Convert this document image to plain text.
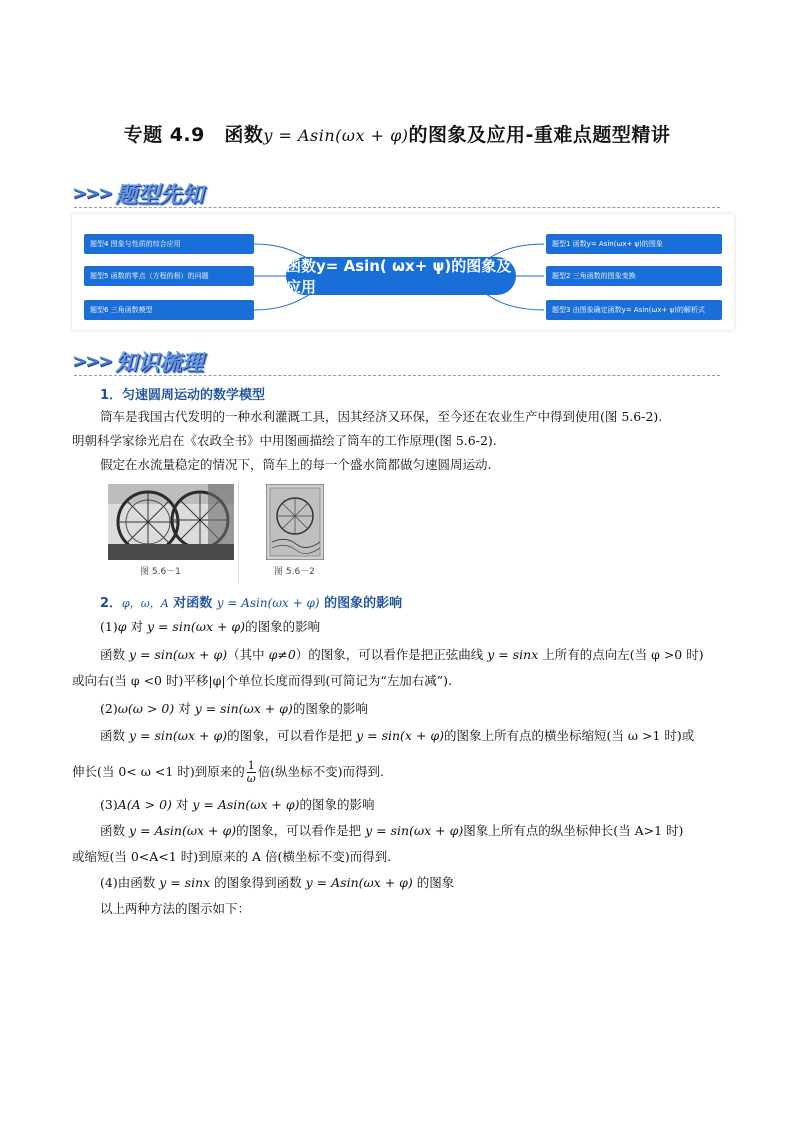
专题 4.9　函数y = Asin(ωx + φ)的图象及应用-重难点题型精讲
>>> 题型先知
题型4 图象与性质的综合应用
题型5 函数的零点（方程的根）的问题
题型6 三角函数模型
函数y= Asin( ωx+ ψ)的图象及应用
题型1 函数y= Asin(ωx+ ψ)的图象
题型2 三角函数的图象变换
题型3 由图象确定函数y= Asin(ωx+ ψ)的解析式
>>> 知识梳理
1．匀速圆周运动的数学模型
筒车是我国古代发明的一种水利灌溉工具，因其经济又环保，至今还在农业生产中得到使用(图 5.6-2).
明朝科学家徐光启在《农政全书》中用图画描绘了筒车的工作原理(图 5.6-2).
假定在水流量稳定的情况下，筒车上的每一个盛水筒都做匀速圆周运动.
图 5.6－1	图 5.6－2
2．φ，ω，A 对函数 y = Asin(ωx + φ) 的图象的影响
(1)φ 对 y = sin(ωx + φ)的图象的影响
函数 y = sin(ωx + φ)（其中 φ≠0）的图象，可以看作是把正弦曲线 y = sinx 上所有的点向左(当 φ >0 时)
或向右(当 φ <0 时)平移|φ|个单位长度而得到(可简记为“左加右减”).
(2)ω(ω > 0) 对 y = sin(ωx + φ)的图象的影响
函数 y = sin(ωx + φ)的图象，可以看作是把 y = sin(x + φ)的图象上所有点的横坐标缩短(当 ω >1 时)或
伸长(当 0< ω <1 时)到原来的 $\frac{1}{\omega}$ 倍(纵坐标不变)而得到.
(3)A(A > 0) 对 y = Asin(ωx + φ)的图象的影响
函数 y = Asin(ωx + φ)的图象，可以看作是把 y = sin(ωx + φ)图象上所有点的纵坐标伸长(当 A>1 时)
或缩短(当 0<A<1 时)到原来的 A 倍(横坐标不变)而得到.
(4)由函数 y = sinx 的图象得到函数 y = Asin(ωx + φ) 的图象
以上两种方法的图示如下：
